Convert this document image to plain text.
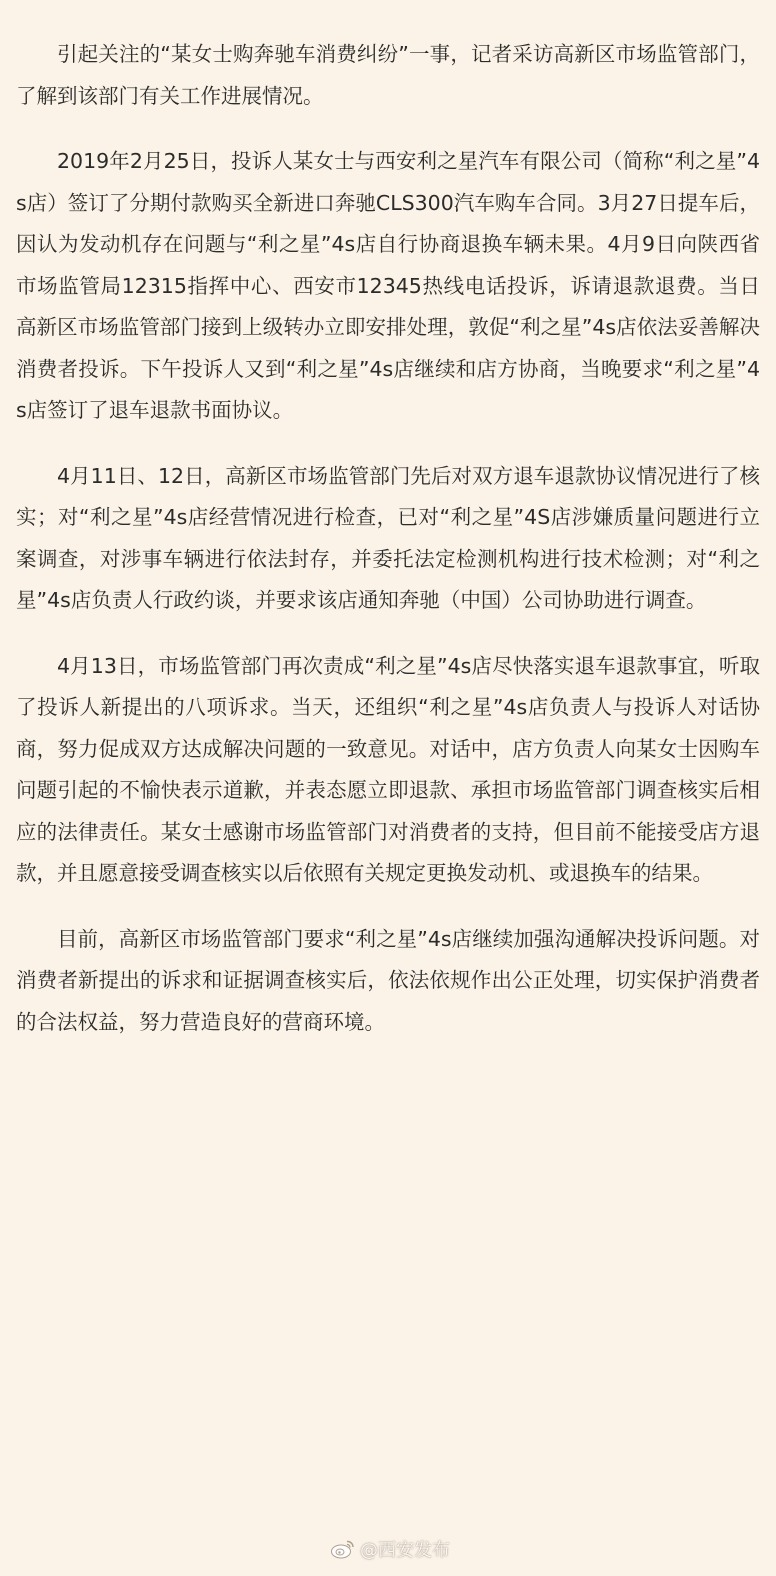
引起关注的“某女士购奔驰车消费纠纷”一事，记者采访高新区市场监管部门，了解到该部门有关工作进展情况。

2019年2月25日，投诉人某女士与西安利之星汽车有限公司（简称“利之星”4s店）签订了分期付款购买全新进口奔驰CLS300汽车购车合同。3月27日提车后，因认为发动机存在问题与“利之星”4s店自行协商退换车辆未果。4月9日向陕西省市场监管局12315指挥中心、西安市12345热线电话投诉，诉请退款退费。当日高新区市场监管部门接到上级转办立即安排处理，敦促“利之星”4s店依法妥善解决消费者投诉。下午投诉人又到“利之星”4s店继续和店方协商，当晚要求“利之星”4s店签订了退车退款书面协议。

4月11日、12日，高新区市场监管部门先后对双方退车退款协议情况进行了核实；对“利之星”4s店经营情况进行检查，已对“利之星”4S店涉嫌质量问题进行立案调查，对涉事车辆进行依法封存，并委托法定检测机构进行技术检测；对“利之星”4s店负责人行政约谈，并要求该店通知奔驰（中国）公司协助进行调查。

4月13日，市场监管部门再次责成“利之星”4s店尽快落实退车退款事宜，听取了投诉人新提出的八项诉求。当天，还组织“利之星”4s店负责人与投诉人对话协商，努力促成双方达成解决问题的一致意见。对话中，店方负责人向某女士因购车问题引起的不愉快表示道歉，并表态愿立即退款、承担市场监管部门调查核实后相应的法律责任。某女士感谢市场监管部门对消费者的支持，但目前不能接受店方退款，并且愿意接受调查核实以后依照有关规定更换发动机、或退换车的结果。

目前，高新区市场监管部门要求“利之星”4s店继续加强沟通解决投诉问题。对消费者新提出的诉求和证据调查核实后，依法依规作出公正处理，切实保护消费者的合法权益，努力营造良好的营商环境。

@西安发布
